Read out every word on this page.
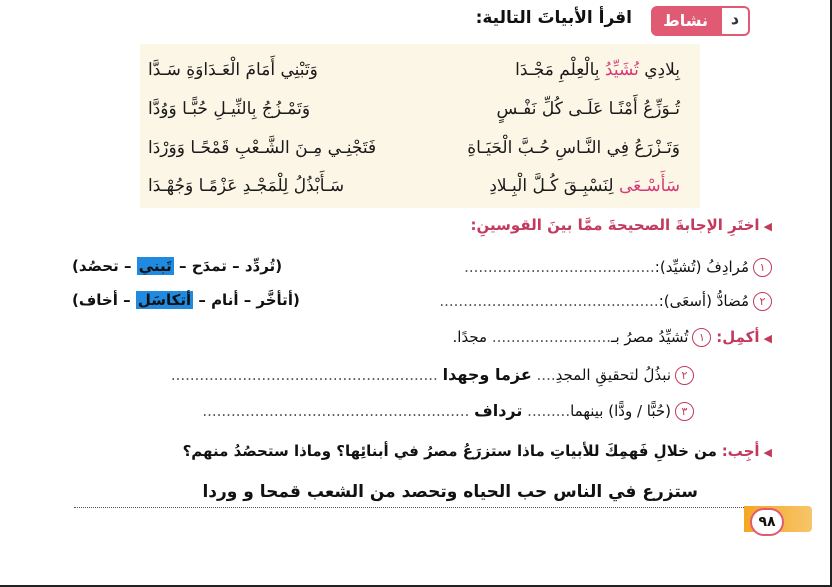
نشاط	د
اقرأ الأبياتَ التالية:
بِلادِي تُشَيِّدُ بِالْعِلْمِ مَجْـدَا
وَتَبْنِي أَمَامَ الْعَـدَاوَةِ سَـدَّا
تُـوَزِّعُ أَمْنًـا عَلَـى كُلِّ نَفْـسٍ
وَتَمْـزُجُ بِالنِّيـلِ حُبًّـا وَوُدَّا
وَتَـزْرَعُ فِي النَّـاسِ حُـبَّ الْحَيَـاةِ
فَتَجْنِـي مِـنَ الشَّـعْبِ قَمْحًـا وَوَرْدَا
سَأَسْـعَى لِنَسْبِـقَ كُـلَّ الْبِـلادِ
سَـأَبْذُلُ لِلْمَجْـدِ عَزْمًـا وَجُهْـدَا
◀اختَرِ الإجابةَ الصحيحةَ ممَّا بينَ القوسينِ:
١مُرادِفُ (تُشيِّد):........................................
(تُردِّد – تمدَح – تَبني – تحصُد)
٢مُضادُّ (أسعَى):..............................................
(أتأخَّر – أنام – أتكاسَل – أخاف)
◀أكمِل: ١تُشيِّدُ مصرُ بـ......................... مجدًا.
٢نبذُلُ لتحقيقِ المجدِ.... عزما وجهدا ........................................................
٣(حُبًّا / ودًّا) بينهما......... ترداف ........................................................
◀أجِب: من خلالِ فَهمِكَ للأبياتِ ماذا ستزرَعُ مصرُ في أبنائِها؟ وماذا ستحصُدُ منهم؟
ستزرع في الناس حب الحياه وتحصد من الشعب قمحا و وردا
٩٨
